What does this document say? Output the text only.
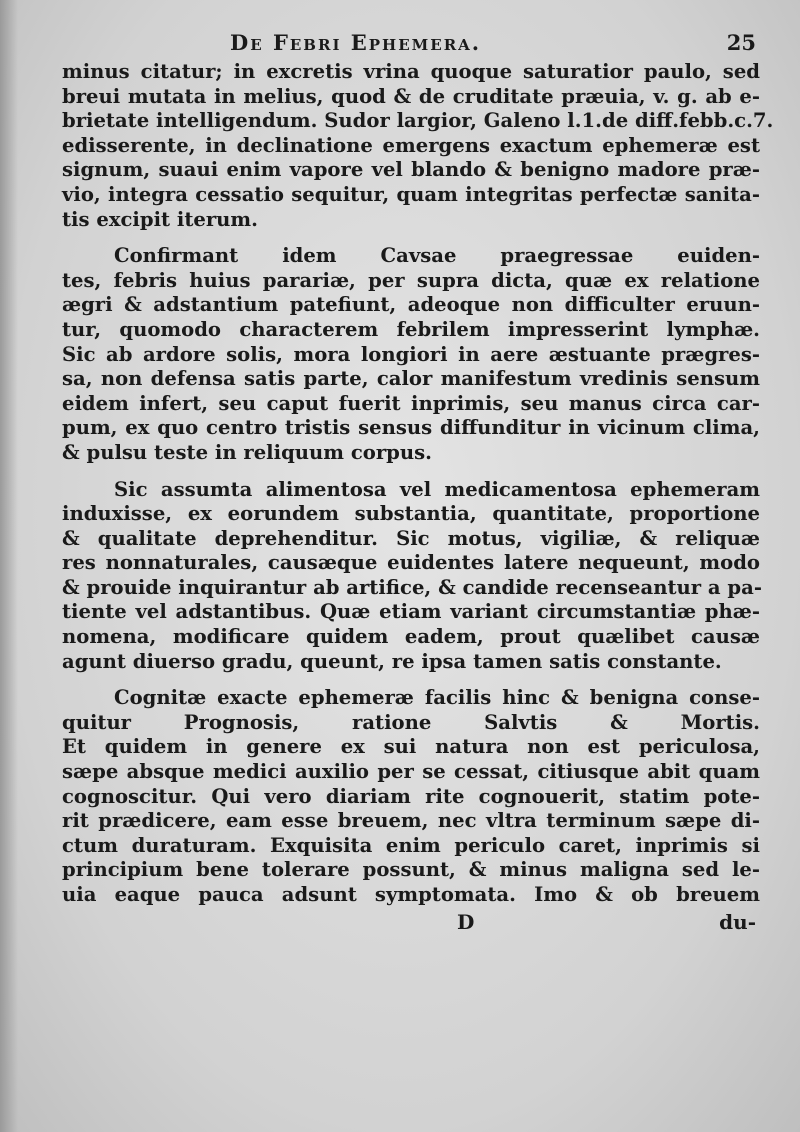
De Febri Ephemera.	25
minus citatur; in excretis vrina quoque saturatior paulo, sed
breui mutata in melius, quod & de cruditate præuia, v. g. ab e-
brietate intelligendum. Sudor largior, Galeno l.1.de diff.febb.c.7.
edisserente, in declinatione emergens exactum ephemeræ est
signum, suaui enim vapore vel blando & benigno madore præ-
vio, integra cessatio sequitur, quam integritas perfectæ sanita-
tis excipit iterum.
Confirmant idem Cavsae praegressae euiden-
tes, febris huius parariæ, per supra dicta, quæ ex relatione
ægri & adstantium patefiunt, adeoque non difficulter eruun-
tur, quomodo characterem febrilem impresserint lymphæ.
Sic ab ardore solis, mora longiori in aere æstuante prægres-
sa, non defensa satis parte, calor manifestum vredinis sensum
eidem infert, seu caput fuerit inprimis, seu manus circa car-
pum, ex quo centro tristis sensus diffunditur in vicinum clima,
& pulsu teste in reliquum corpus.
Sic assumta alimentosa vel medicamentosa ephemeram
induxisse, ex eorundem substantia, quantitate, proportione
& qualitate deprehenditur. Sic motus, vigiliæ, & reliquæ
res nonnaturales, causæque euidentes latere nequeunt, modo
& prouide inquirantur ab artifice, & candide recenseantur a pa-
tiente vel adstantibus. Quæ etiam variant circumstantiæ phæ-
nomena, modificare quidem eadem, prout quælibet causæ
agunt diuerso gradu, queunt, re ipsa tamen satis constante.
Cognitæ exacte ephemeræ facilis hinc & benigna conse-
quitur Prognosis, ratione Salvtis & Mortis.
Et quidem in genere ex sui natura non est periculosa,
sæpe absque medici auxilio per se cessat, citiusque abit quam
cognoscitur. Qui vero diariam rite cognouerit, statim pote-
rit prædicere, eam esse breuem, nec vltra terminum sæpe di-
ctum duraturam. Exquisita enim periculo caret, inprimis si
principium bene tolerare possunt, & minus maligna sed le-
uia eaque pauca adsunt symptomata. Imo & ob breuem
D	du-
